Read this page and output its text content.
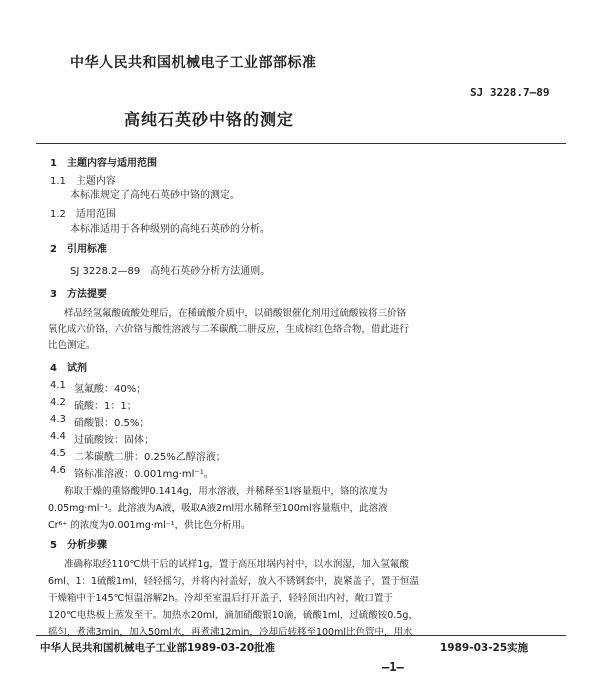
中华人民共和国机械电子工业部部标准
SJ 3228.7—89
高纯石英砂中铬的测定
1　主题内容与适用范围
1.1　主题内容
本标准规定了高纯石英砂中铬的测定。
1.2　适用范围
本标准适用于各种级别的高纯石英砂的分析。
2　引用标准
SJ 3228.2—89　高纯石英砂分析方法通则。
3　方法提要
样品经氢氟酸硫酸处理后，在稀硫酸介质中，以硝酸银催化剂用过硫酸铵将三价铬
氧化成六价铬，六价铬与酸性溶液与二苯碳酰二肼反应，生成棕红色络合物，借此进行
比色测定。
4　试剂
4.1 氢氟酸：40%；
4.2 硫酸：1：1；
4.3 硝酸银：0.5%；
4.4 过硫酸铵：固体；
4.5 二苯碳酰二肼：0.25%乙醇溶液；
4.6 铬标准溶液：0.001mg·ml⁻¹。
称取干燥的重铬酸钾0.1414g，用水溶液，并稀释至1l容量瓶中，铬的浓度为
0.05mg·ml⁻¹。此溶液为A液，吸取A液2ml用水稀释至100ml容量瓶中，此溶液
Cr⁶⁺ 的浓度为0.001mg·ml⁻¹，供比色分析用。
5　分析步骤
准确称取经110℃烘干后的试样1g，置于高压坩埚内衬中，以水润湿，加入氢氟酸
6ml、1：1硫酸1ml，轻轻摇匀，并将内衬盖好，放入不锈钢套中，旋紧盖子，置于恒温
干燥箱中于145℃恒温溶解2h。冷却至室温后打开盖子，轻轻顶出内衬，敞口置于
120℃电热板上蒸发至干。加热水20ml，滴加硝酸银10滴，硫酸1ml，过硫酸铵0.5g，
摇匀，煮沸3min，加入50ml水，再煮沸12min，冷却后转移至100ml比色管中，用水
中华人民共和国机械电子工业部1989-03-20批准	1989-03-25实施
—1—
